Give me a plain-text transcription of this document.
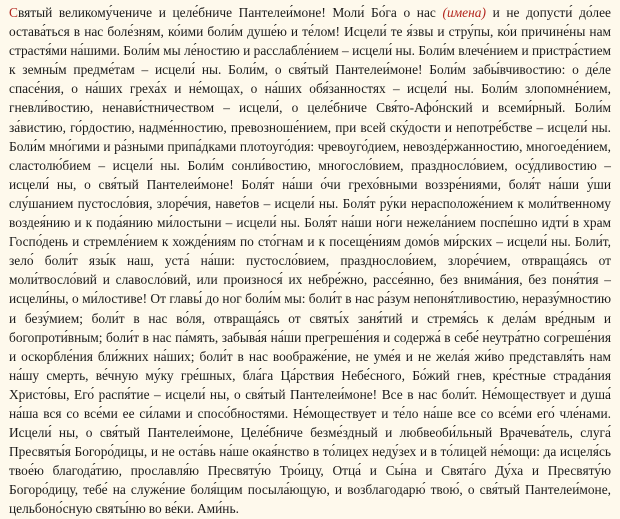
Святый великому́чениче и целе́бниче Пантелеи́моне! Моли́ Бо́га о нас (имена) и не допусти́ до́лее остава́ться в нас боле́зням, ко́ими боли́м душе́ю и те́лом! Исцели́ те я́звы и стру́пы, ко́и причине́ны нам страстя́ми на́шими. Боли́м мы ле́ностию и расслабле́нием – исцели́ ны. Боли́м влече́нием и пристра́стием к земны́м предме́там – исцели́ ны. Боли́м, о свя́тый Пантелеи́моне! Боли́м забы́вчивостию: о де́ле спасе́ния, о на́ших греха́х и не́мощах, о на́ших обя́занностях – исцели́ ны. Боли́м злопомне́нием, гневли́востию, ненави́стничеством – исцели́, о целе́бниче Свя́то-Афо́нский и всеми́рный. Боли́м за́вистию, го́рдостию, надме́нностию, превозноше́нием, при всей ску́дости и непотре́бстве – исцели́ ны. Боли́м мно́гими и ра́зными припа́дками плотоуго́дия: чревоуго́дием, невозде́ржанностию, многоеде́нием, сластолю́бием – исцели́ ны. Боли́м сонли́востию, многосло́вием, праздносло́вием, осу́дливостию – исцели́ ны, о свя́тый Пантелеи́моне! Боля́т на́ши о́чи грехо́вными воззре́ниями, боля́т на́ши у́ши слу́шанием пустосло́вия, злоре́чия, навет́ов – исцели́ ны. Боля́т ру́ки нерасположе́нием к моли́твенному воздея́нию и к пода́янию ми́лостыни – исцели́ ны. Боля́т на́ши но́ги нежела́нием поспе́шно идти́ в храм Госпо́день и стремле́нием к хожде́ниям по сто́гнам и к посеще́ниям домо́в ми́рских – исцели́ ны. Боли́т, зело́ боли́т язы́к наш, уста́ на́ши: пустосло́вием, празднослов́ием, злоре́чием, отвраща́ясь от моли́твосло́вий и славосло́вий, или произнося́ их небре́жно, рассе́янно, без внима́ния, без поня́тия – исцели́ны, о ми́лостиве! От главы́ до ног боли́м мы: боли́т в нас ра́зум непоня́тливостию, неразу́мностию и безу́мием; боли́т в нас во́ля, отвраща́ясь от святы́х заня́тий и стремя́сь к дела́м вре́дным и богопроти́вным; боли́т в нас па́мять, забыва́я на́ши прегреше́ния и содержа́ в себе́ неутра́тно согреше́ния и оскорбле́ния бли́жних на́ших; боли́т в нас воображе́ние, не уме́я и не жела́я жи́во представля́ть нам на́шу смерть, ве́чную му́ку гре́шных, бла́га Ца́рствия Небе́сного, Бо́жий гнев, кре́стные страда́ния Христо́вы, Его́ распя́тие – исцели́ ны, о свя́тый Пантелеи́моне! Все в нас боли́т. Не́моществует и душа́ на́ша вся со все́ми ее си́лами и спосо́бностями. Не́моществует и те́ло на́ше все со все́ми его́ чле́нами. Исцели́ ны, о свя́тый Пантелеи́моне, Целе́бниче безме́здный и любвеоби́льный Врачева́тель, слуга́ Пресвяты́я Богоро́дицы, и не оста́вь на́ше окая́нство в то́лицех неду́зех и в то́лицей не́мощи: да исцеля́сь твое́ю благода́тию, прославля́ю Пресвяту́ю Тро́ицу, Отца́ и Сы́на и Свята́го Ду́ха и Пресвяту́ю Богоро́дицу, тебе́ на служе́ние боля́щим посыла́ющую, и возблагодарю́ твою́, о свя́тый Пантелеи́моне, цельбоно́сную святы́ню во ве́ки. Ами́нь.
